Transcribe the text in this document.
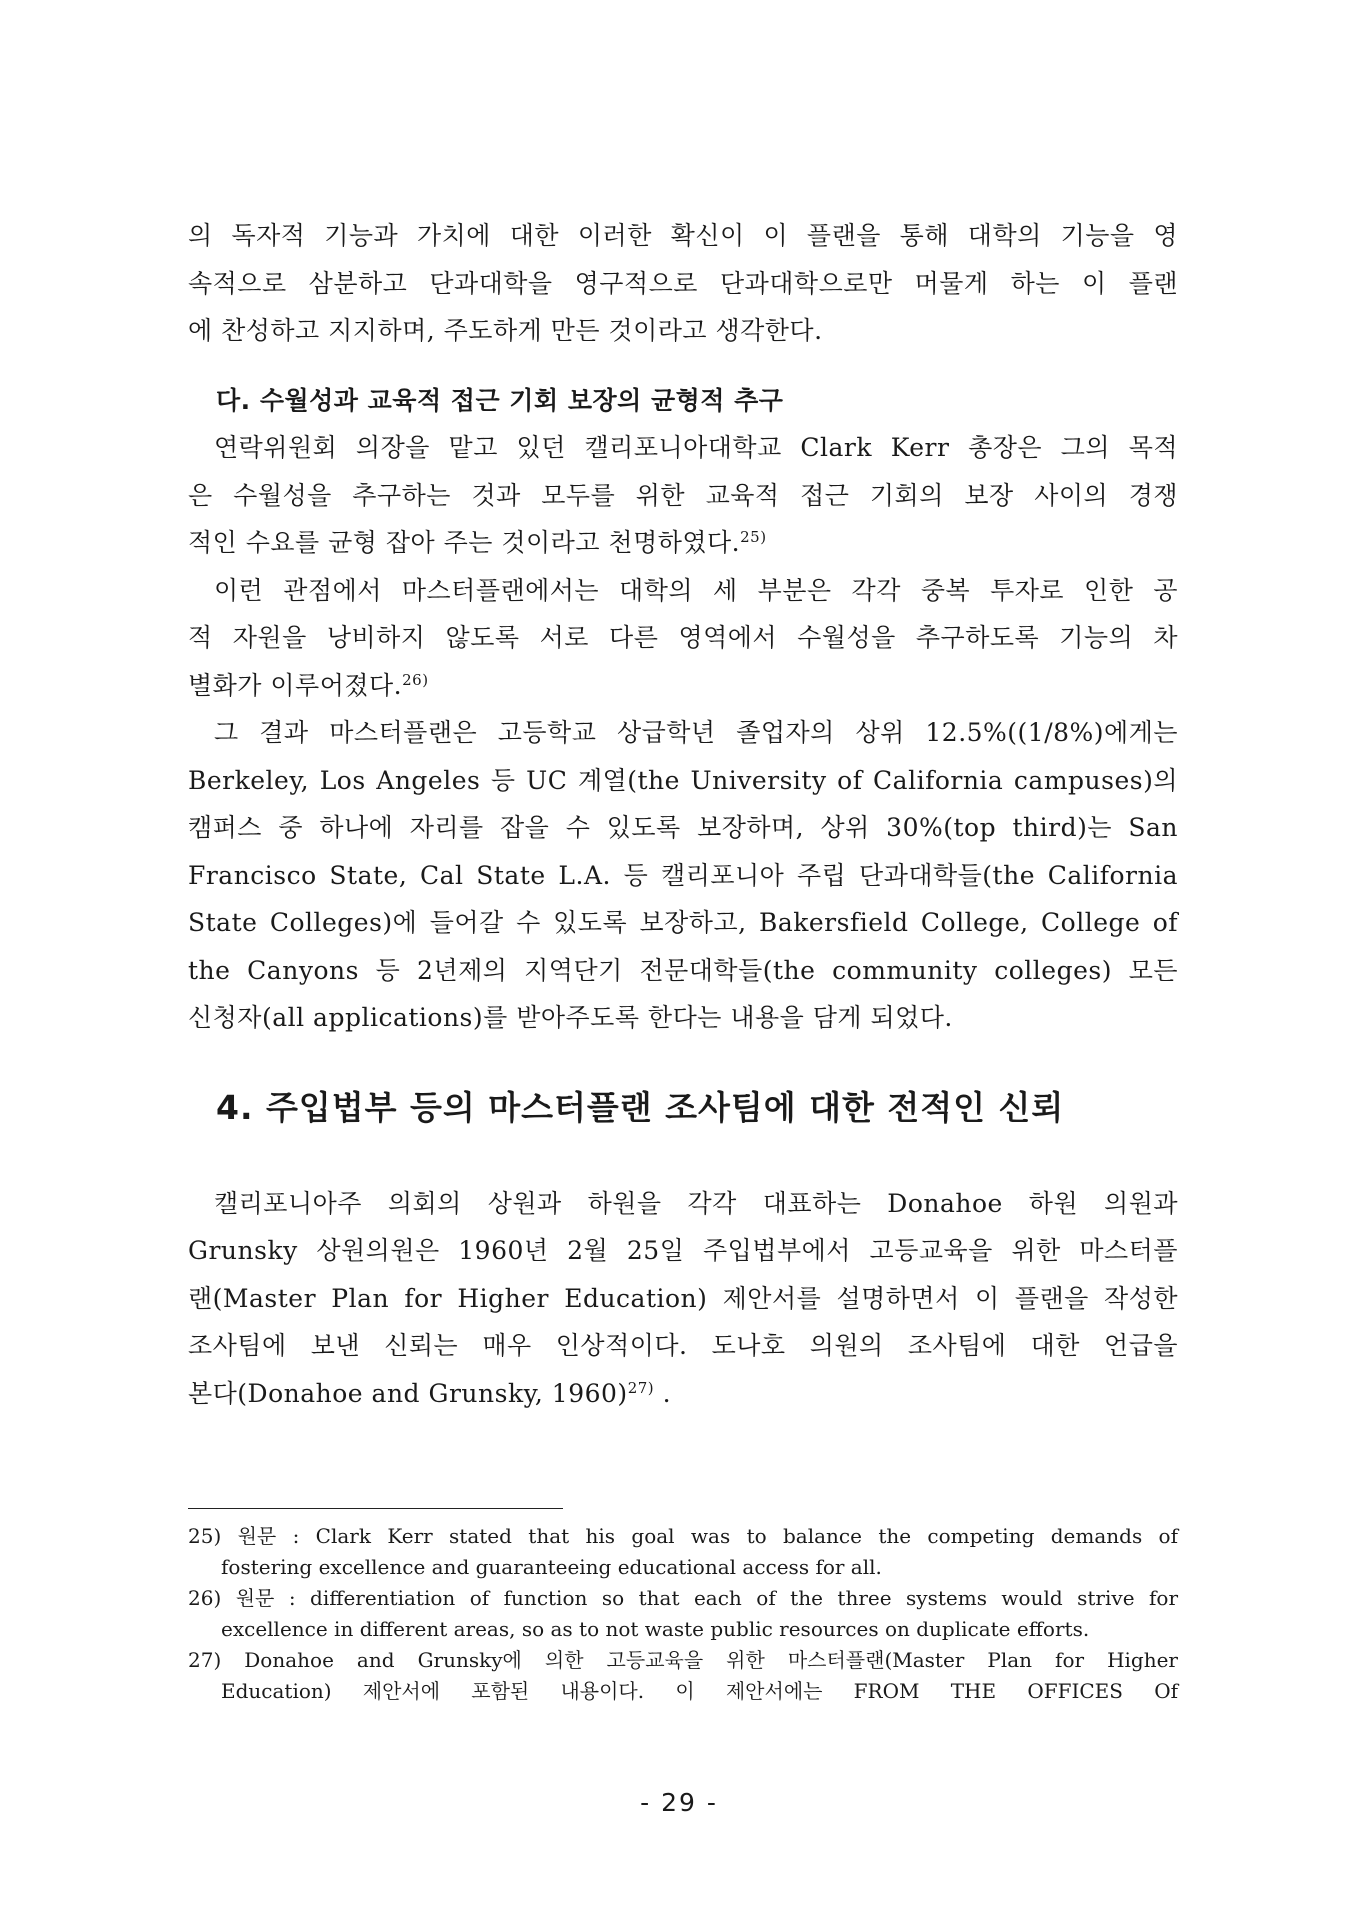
의 독자적 기능과 가치에 대한 이러한 확신이 이 플랜을 통해 대학의 기능을 영
속적으로 삼분하고 단과대학을 영구적으로 단과대학으로만 머물게 하는 이 플랜
에 찬성하고 지지하며, 주도하게 만든 것이라고 생각한다.
다. 수월성과 교육적 접근 기회 보장의 균형적 추구
연락위원회 의장을 맡고 있던 캘리포니아대학교 Clark Kerr 총장은 그의 목적
은 수월성을 추구하는 것과 모두를 위한 교육적 접근 기회의 보장 사이의 경쟁
적인 수요를 균형 잡아 주는 것이라고 천명하였다.$^{25)}$
이런 관점에서 마스터플랜에서는 대학의 세 부분은 각각 중복 투자로 인한 공
적 자원을 낭비하지 않도록 서로 다른 영역에서 수월성을 추구하도록 기능의 차
별화가 이루어졌다.$^{26)}$
그 결과 마스터플랜은 고등학교 상급학년 졸업자의 상위 12.5%((1/8%)에게는
Berkeley, Los Angeles 등 UC 계열(the University of California campuses)의
캠퍼스 중 하나에 자리를 잡을 수 있도록 보장하며, 상위 30%(top third)는 San
Francisco State, Cal State L.A. 등 캘리포니아 주립 단과대학들(the California
State Colleges)에 들어갈 수 있도록 보장하고, Bakersfield College, College of
the Canyons 등 2년제의 지역단기 전문대학들(the community colleges) 모든
신청자(all applications)를 받아주도록 한다는 내용을 담게 되었다.
4. 주입법부 등의 마스터플랜 조사팀에 대한 전적인 신뢰
캘리포니아주 의회의 상원과 하원을 각각 대표하는 Donahoe 하원 의원과
Grunsky 상원의원은 1960년 2월 25일 주입법부에서 고등교육을 위한 마스터플
랜(Master Plan for Higher Education) 제안서를 설명하면서 이 플랜을 작성한
조사팀에 보낸 신뢰는 매우 인상적이다. 도나호 의원의 조사팀에 대한 언급을
본다(Donahoe and Grunsky, 1960)$^{27)}$ .
25) 원문 : Clark Kerr stated that his goal was to balance the competing demands of
fostering excellence and guaranteeing educational access for all.
26) 원문 : differentiation of function so that each of the three systems would strive for
excellence in different areas, so as to not waste public resources on duplicate efforts.
27) Donahoe and Grunsky에 의한 고등교육을 위한 마스터플랜(Master Plan for Higher
Education) 제안서에 포함된 내용이다. 이 제안서에는 FROM THE OFFICES Of
- 29 -
